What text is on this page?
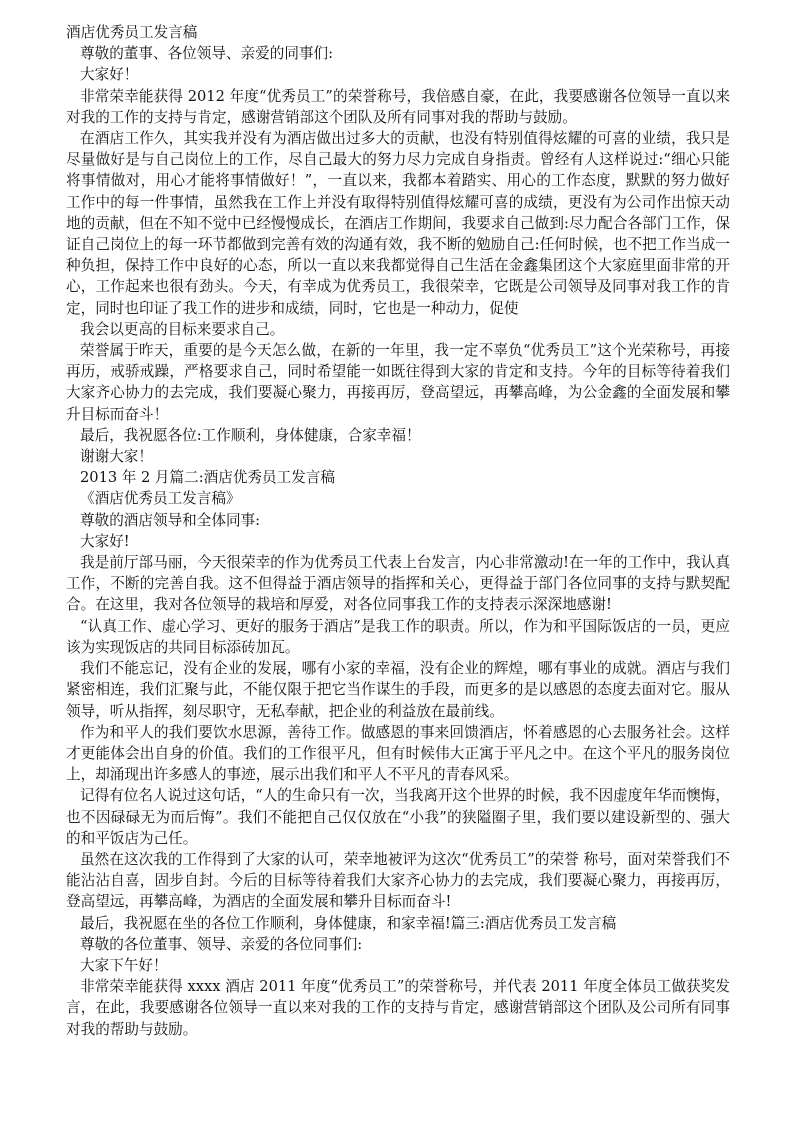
酒店优秀员工发言稿

尊敬的董事、各位领导、亲爱的同事们:

大家好！

非常荣幸能获得 2012 年度“优秀员工”的荣誉称号，我倍感自豪，在此，我要感谢各位领导一直以来对我的工作的支持与肯定，感谢营销部这个团队及所有同事对我的帮助与鼓励。

在酒店工作久，其实我并没有为酒店做出过多大的贡献，也没有特别值得炫耀的可喜的业绩，我只是尽量做好是与自己岗位上的工作，尽自己最大的努力尽力完成自身指责。曾经有人这样说过:“细心只能将事情做对，用心才能将事情做好！”，一直以来，我都本着踏实、用心的工作态度，默默的努力做好工作中的每一件事情，虽然我在工作上并没有取得特别值得炫耀可喜的成绩，更没有为公司作出惊天动地的贡献，但在不知不觉中已经慢慢成长，在酒店工作期间，我要求自己做到:尽力配合各部门工作，保证自己岗位上的每一环节都做到完善有效的沟通有效，我不断的勉励自己:任何时候，也不把工作当成一种负担，保持工作中良好的心态，所以一直以来我都觉得自己生活在金鑫集团这个大家庭里面非常的开心，工作起来也很有劲头。今天，有幸成为优秀员工，我很荣幸，它既是公司领导及同事对我工作的肯定，同时也印证了我工作的进步和成绩，同时，它也是一种动力，促使

我会以更高的目标来要求自己。

荣誉属于昨天，重要的是今天怎么做，在新的一年里，我一定不辜负“优秀员工”这个光荣称号，再接再历，戒骄戒躁，严格要求自己，同时希望能一如既往得到大家的肯定和支持。今年的目标等待着我们大家齐心协力的去完成，我们要凝心聚力，再接再厉，登高望远，再攀高峰，为公金鑫的全面发展和攀升目标而奋斗！

最后，我祝愿各位:工作顺利，身体健康，合家幸福！

谢谢大家！

2013 年 2 月篇二:酒店优秀员工发言稿

《酒店优秀员工发言稿》

尊敬的酒店领导和全体同事:

大家好!

我是前厅部马丽，今天很荣幸的作为优秀员工代表上台发言，内心非常激动!在一年的工作中，我认真工作，不断的完善自我。这不但得益于酒店领导的指挥和关心，更得益于部门各位同事的支持与默契配合。在这里，我对各位领导的栽培和厚爱，对各位同事我工作的支持表示深深地感谢!

“认真工作、虚心学习、更好的服务于酒店”是我工作的职责。所以，作为和平国际饭店的一员，更应该为实现饭店的共同目标添砖加瓦。

我们不能忘记，没有企业的发展，哪有小家的幸福，没有企业的辉煌，哪有事业的成就。酒店与我们紧密相连，我们汇聚与此，不能仅限于把它当作谋生的手段，而更多的是以感恩的态度去面对它。服从领导，听从指挥，刻尽职守，无私奉献，把企业的利益放在最前线。

作为和平人的我们要饮水思源，善待工作。做感恩的事来回馈酒店，怀着感恩的心去服务社会。这样才更能体会出自身的价值。我们的工作很平凡，但有时候伟大正寓于平凡之中。在这个平凡的服务岗位上，却涌现出许多感人的事迹，展示出我们和平人不平凡的青春风采。

记得有位名人说过这句话，“人的生命只有一次，当我离开这个世界的时候，我不因虚度年华而懊悔，也不因碌碌无为而后悔”。我们不能把自己仅仅放在“小我”的狭隘圈子里，我们要以建设新型的、强大的和平饭店为己任。

虽然在这次我的工作得到了大家的认可，荣幸地被评为这次“优秀员工”的荣誉 称号，面对荣誉我们不能沾沾自喜，固步自封。今后的目标等待着我们大家齐心协力的去完成，我们要凝心聚力，再接再厉，登高望远，再攀高峰，为酒店的全面发展和攀升目标而奋斗!

最后，我祝愿在坐的各位工作顺利，身体健康，和家幸福!篇三:酒店优秀员工发言稿

尊敬的各位董事、领导、亲爱的各位同事们:

大家下午好！

非常荣幸能获得 xxxx 酒店 2011 年度“优秀员工”的荣誉称号，并代表 2011 年度全体员工做获奖发言，在此，我要感谢各位领导一直以来对我的工作的支持与肯定，感谢营销部这个团队及公司所有同事对我的帮助与鼓励。
